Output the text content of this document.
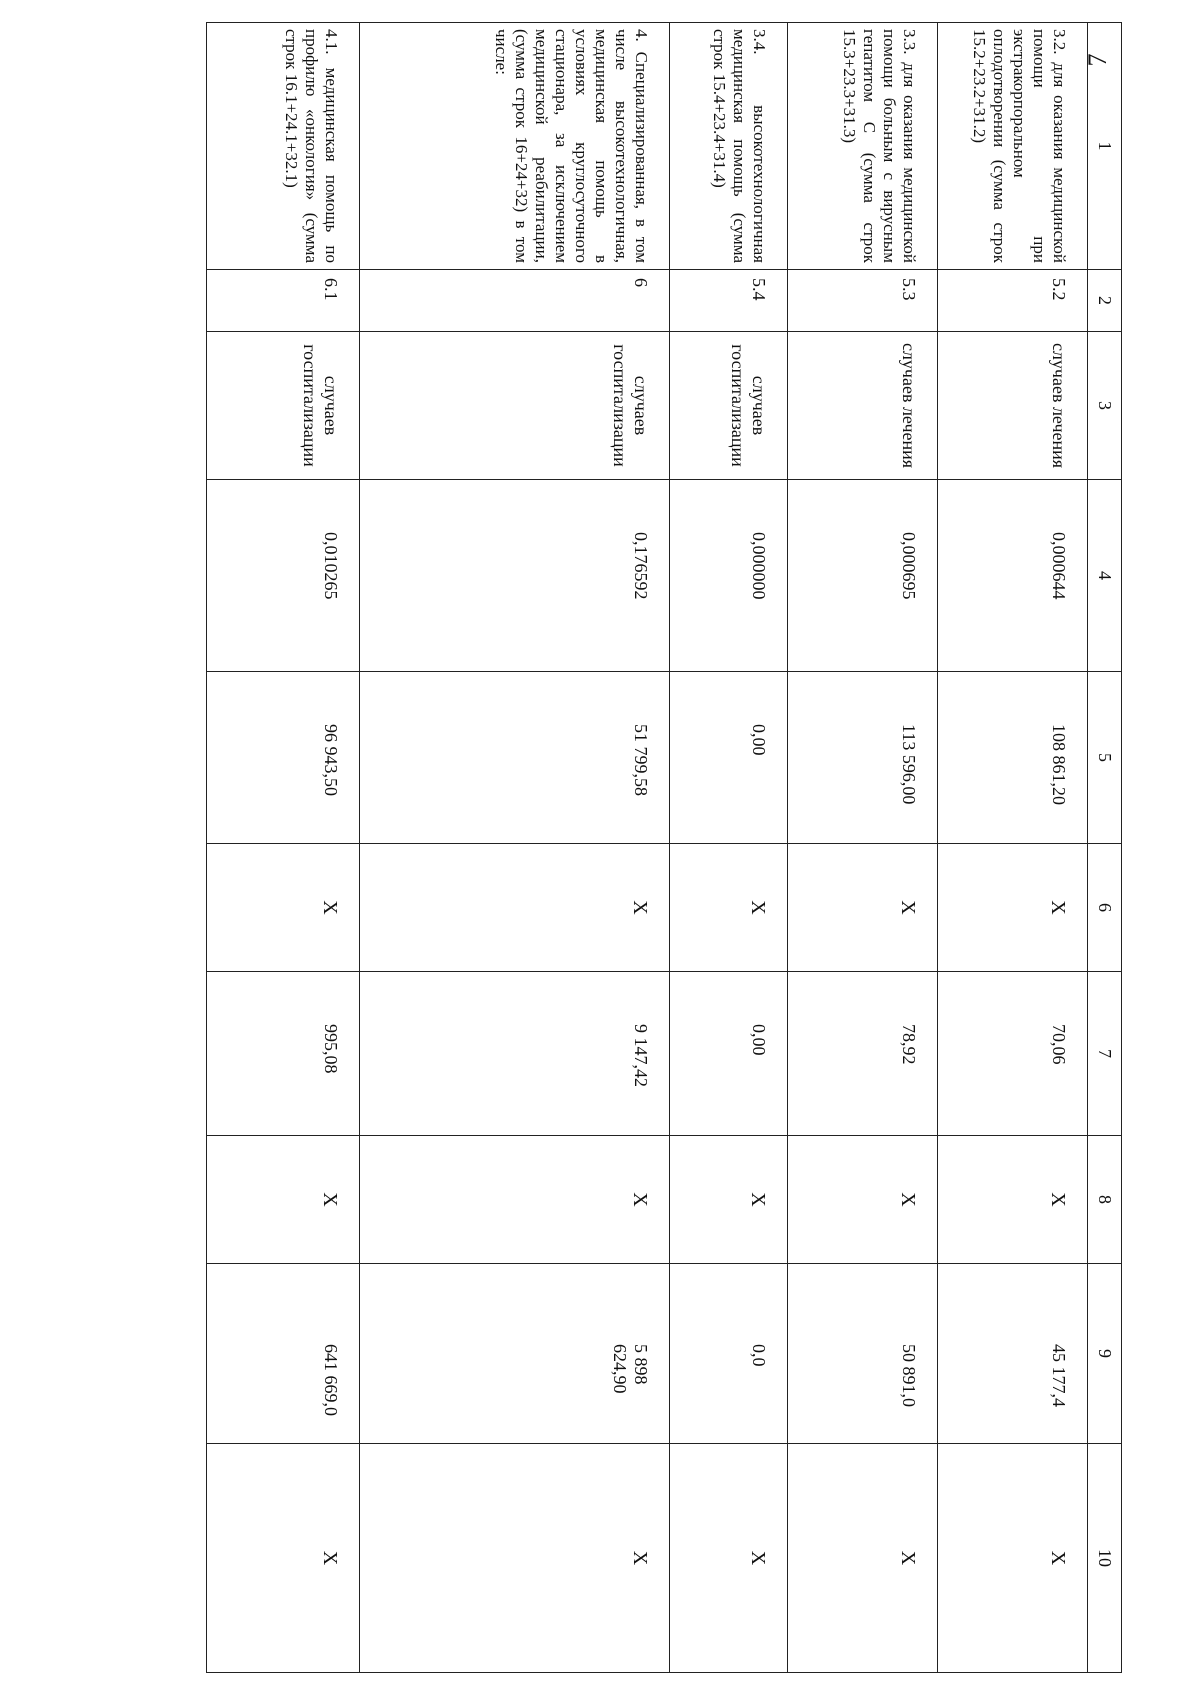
7
1	2	3	4	5	6	7	8	9	10
3.2. для оказания медицинской помощи при экстракорпоральном оплодотворении (сумма строк 15.2+23.2+31.2)	5.2	случаев лечения	0,000644	108 861,20	Х	70,06	Х	45 177,4	Х
3.3. для оказания медицинской помощи больным с вирусным гепатитом С (сумма строк 15.3+23.3+31.3)	5.3	случаев лечения	0,000695	113 596,00	Х	78,92	Х	50 891,0	Х
3.4. высокотехнологичная медицинская помощь (сумма строк 15.4+23.4+31.4)	5.4	случаев госпитализации	0,000000	0,00	Х	0,00	Х	0,0	Х
4. Специализированная, в том числе высокотехнологичная, медицинская помощь в условиях круглосуточного стационара, за исключением медицинской реабилитации, (сумма строк 16+24+32) в том числе:	6	случаев госпитализации	0,176592	51 799,58	Х	9 147,42	Х	5 898 624,90	Х
4.1. медицинская помощь по профилю «онкология» (сумма строк 16.1+24.1+32.1)	6.1	случаев госпитализации	0,010265	96 943,50	Х	995,08	Х	641 669,0	Х
